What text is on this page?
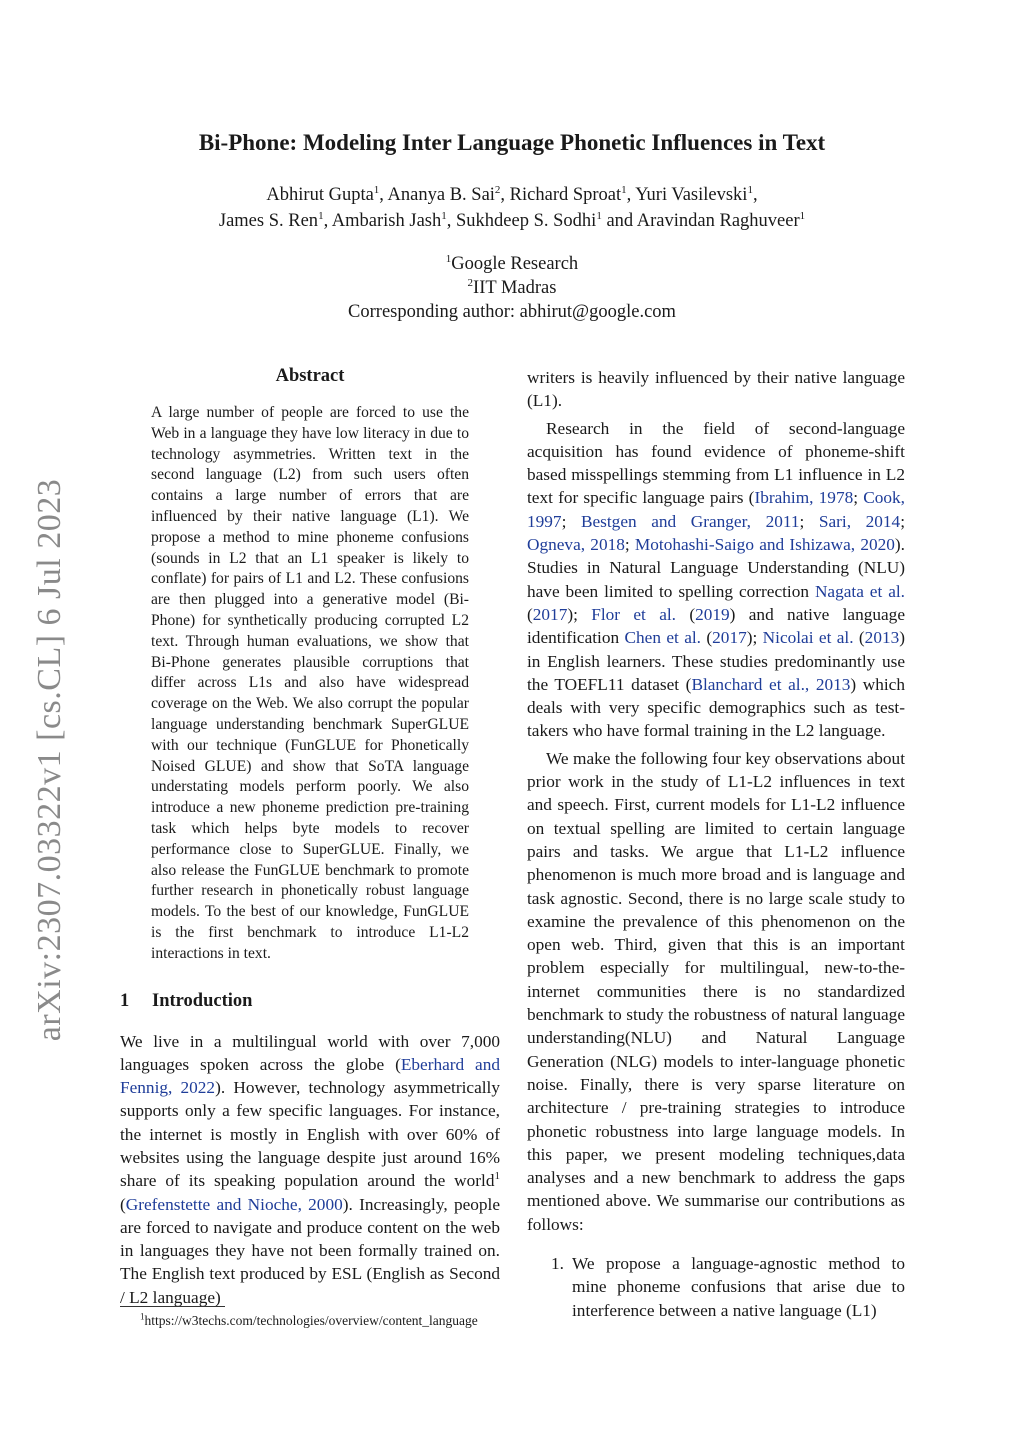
arXiv:2307.03322v1 [cs.CL] 6 Jul 2023
Bi-Phone: Modeling Inter Language Phonetic Influences in Text
Abhirut Gupta$^1$, Ananya B. Sai$^2$, Richard Sproat$^1$, Yuri Vasilevski$^1$,
James S. Ren$^1$, Ambarish Jash$^1$, Sukhdeep S. Sodhi$^1$ and Aravindan Raghuveer$^1$
$^1$Google Research
$^2$IIT Madras
Corresponding author: abhirut@google.com
Abstract
A large number of people are forced to use the Web in a language they have low literacy in due to technology asymmetries. Written text in the second language (L2) from such users often contains a large number of errors that are influenced by their native language (L1). We propose a method to mine phoneme confusions (sounds in L2 that an L1 speaker is likely to conflate) for pairs of L1 and L2. These confusions are then plugged into a generative model (Bi-Phone) for synthetically producing corrupted L2 text. Through human evaluations, we show that Bi-Phone generates plausible corruptions that differ across L1s and also have widespread coverage on the Web. We also corrupt the popular language understanding benchmark SuperGLUE with our technique (FunGLUE for Phonetically Noised GLUE) and show that SoTA language understating models perform poorly. We also introduce a new phoneme prediction pre-training task which helps byte models to recover performance close to SuperGLUE. Finally, we also release the FunGLUE benchmark to promote further research in phonetically robust language models. To the best of our knowledge, FunGLUE is the first benchmark to introduce L1-L2 interactions in text.
1 Introduction

We live in a multilingual world with over 7,000 languages spoken across the globe (Eberhard and Fennig, 2022). However, technology asymmetrically supports only a few specific languages. For instance, the internet is mostly in English with over 60% of websites using the language despite just around 16% share of its speaking population around the world$^1$ (Grefenstette and Nioche, 2000). Increasingly, people are forced to navigate and produce content on the web in languages they have not been formally trained on. The English text produced by ESL (English as Second / L2 language)

writers is heavily influenced by their native language (L1).

Research in the field of second-language acquisition has found evidence of phoneme-shift based misspellings stemming from L1 influence in L2 text for specific language pairs (Ibrahim, 1978; Cook, 1997; Bestgen and Granger, 2011; Sari, 2014; Ogneva, 2018; Motohashi-Saigo and Ishizawa, 2020). Studies in Natural Language Understanding (NLU) have been limited to spelling correction Nagata et al. (2017); Flor et al. (2019) and native language identification Chen et al. (2017); Nicolai et al. (2013) in English learners. These studies predominantly use the TOEFL11 dataset (Blanchard et al., 2013) which deals with very specific demographics such as test-takers who have formal training in the L2 language.

We make the following four key observations about prior work in the study of L1-L2 influences in text and speech. First, current models for L1-L2 influence on textual spelling are limited to certain language pairs and tasks. We argue that L1-L2 influence phenomenon is much more broad and is language and task agnostic. Second, there is no large scale study to examine the prevalence of this phenomenon on the open web. Third, given that this is an important problem especially for multilingual, new-to-the-internet communities there is no standardized benchmark to study the robustness of natural language understanding(NLU) and Natural Language Generation (NLG) models to inter-language phonetic noise. Finally, there is very sparse literature on architecture / pre-training strategies to introduce phonetic robustness into large language models. In this paper, we present modeling techniques,data analyses and a new benchmark to address the gaps mentioned above. We summarise our contributions as follows:

1. We propose a language-agnostic method to mine phoneme confusions that arise due to interference between a native language (L1)
$^1$https://w3techs.com/technologies/overview/content_language
